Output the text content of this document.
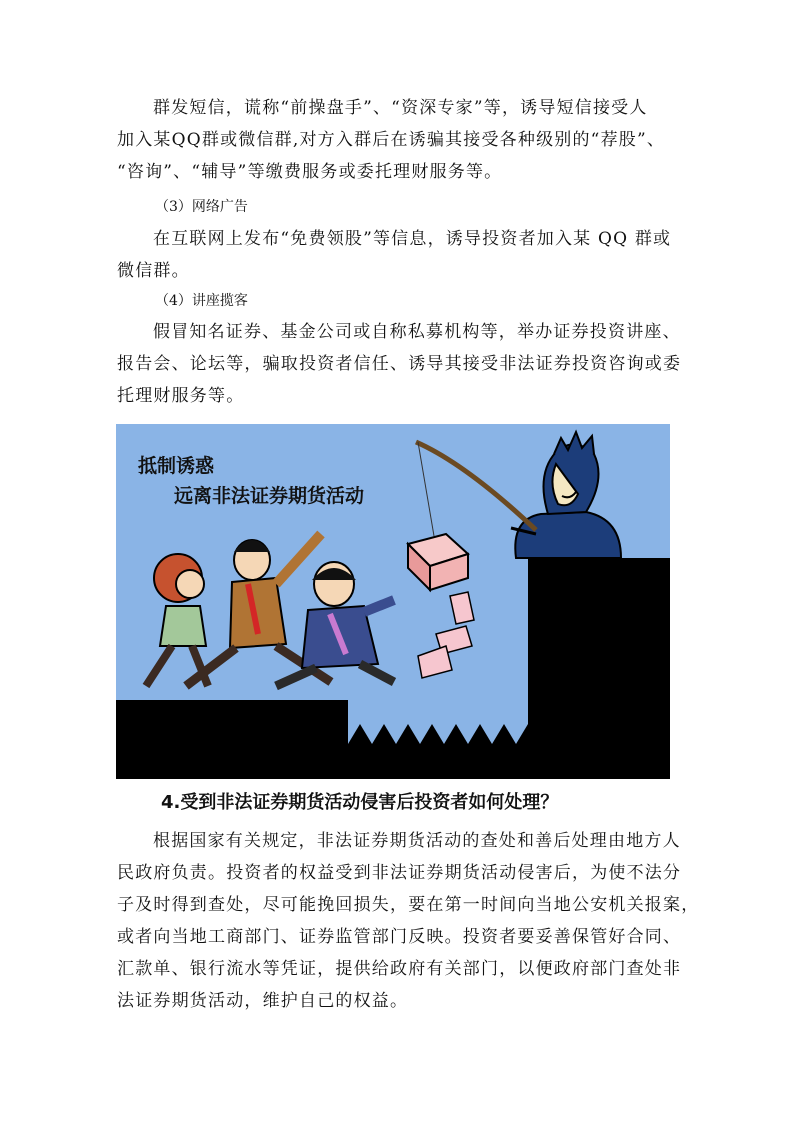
群发短信，谎称“前操盘手”、“资深专家”等，诱导短信接受人
加入某QQ群或微信群,对方入群后在诱骗其接受各种级别的“荐股”、
“咨询”、“辅导”等缴费服务或委托理财服务等。

（3）网络广告

在互联网上发布“免费领股”等信息，诱导投资者加入某 QQ 群或
微信群。

（4）讲座揽客

假冒知名证券、基金公司或自称私募机构等，举办证券投资讲座、
报告会、论坛等，骗取投资者信任、诱导其接受非法证券投资咨询或委
托理财服务等。
抵制诱惑
远离非法证券期货活动

4.受到非法证券期货活动侵害后投资者如何处理？

根据国家有关规定，非法证券期货活动的查处和善后处理由地方人
民政府负责。投资者的权益受到非法证券期货活动侵害后，为使不法分
子及时得到查处，尽可能挽回损失，要在第一时间向当地公安机关报案，
或者向当地工商部门、证券监管部门反映。投资者要妥善保管好合同、
汇款单、银行流水等凭证，提供给政府有关部门，以便政府部门查处非
法证券期货活动，维护自己的权益。
